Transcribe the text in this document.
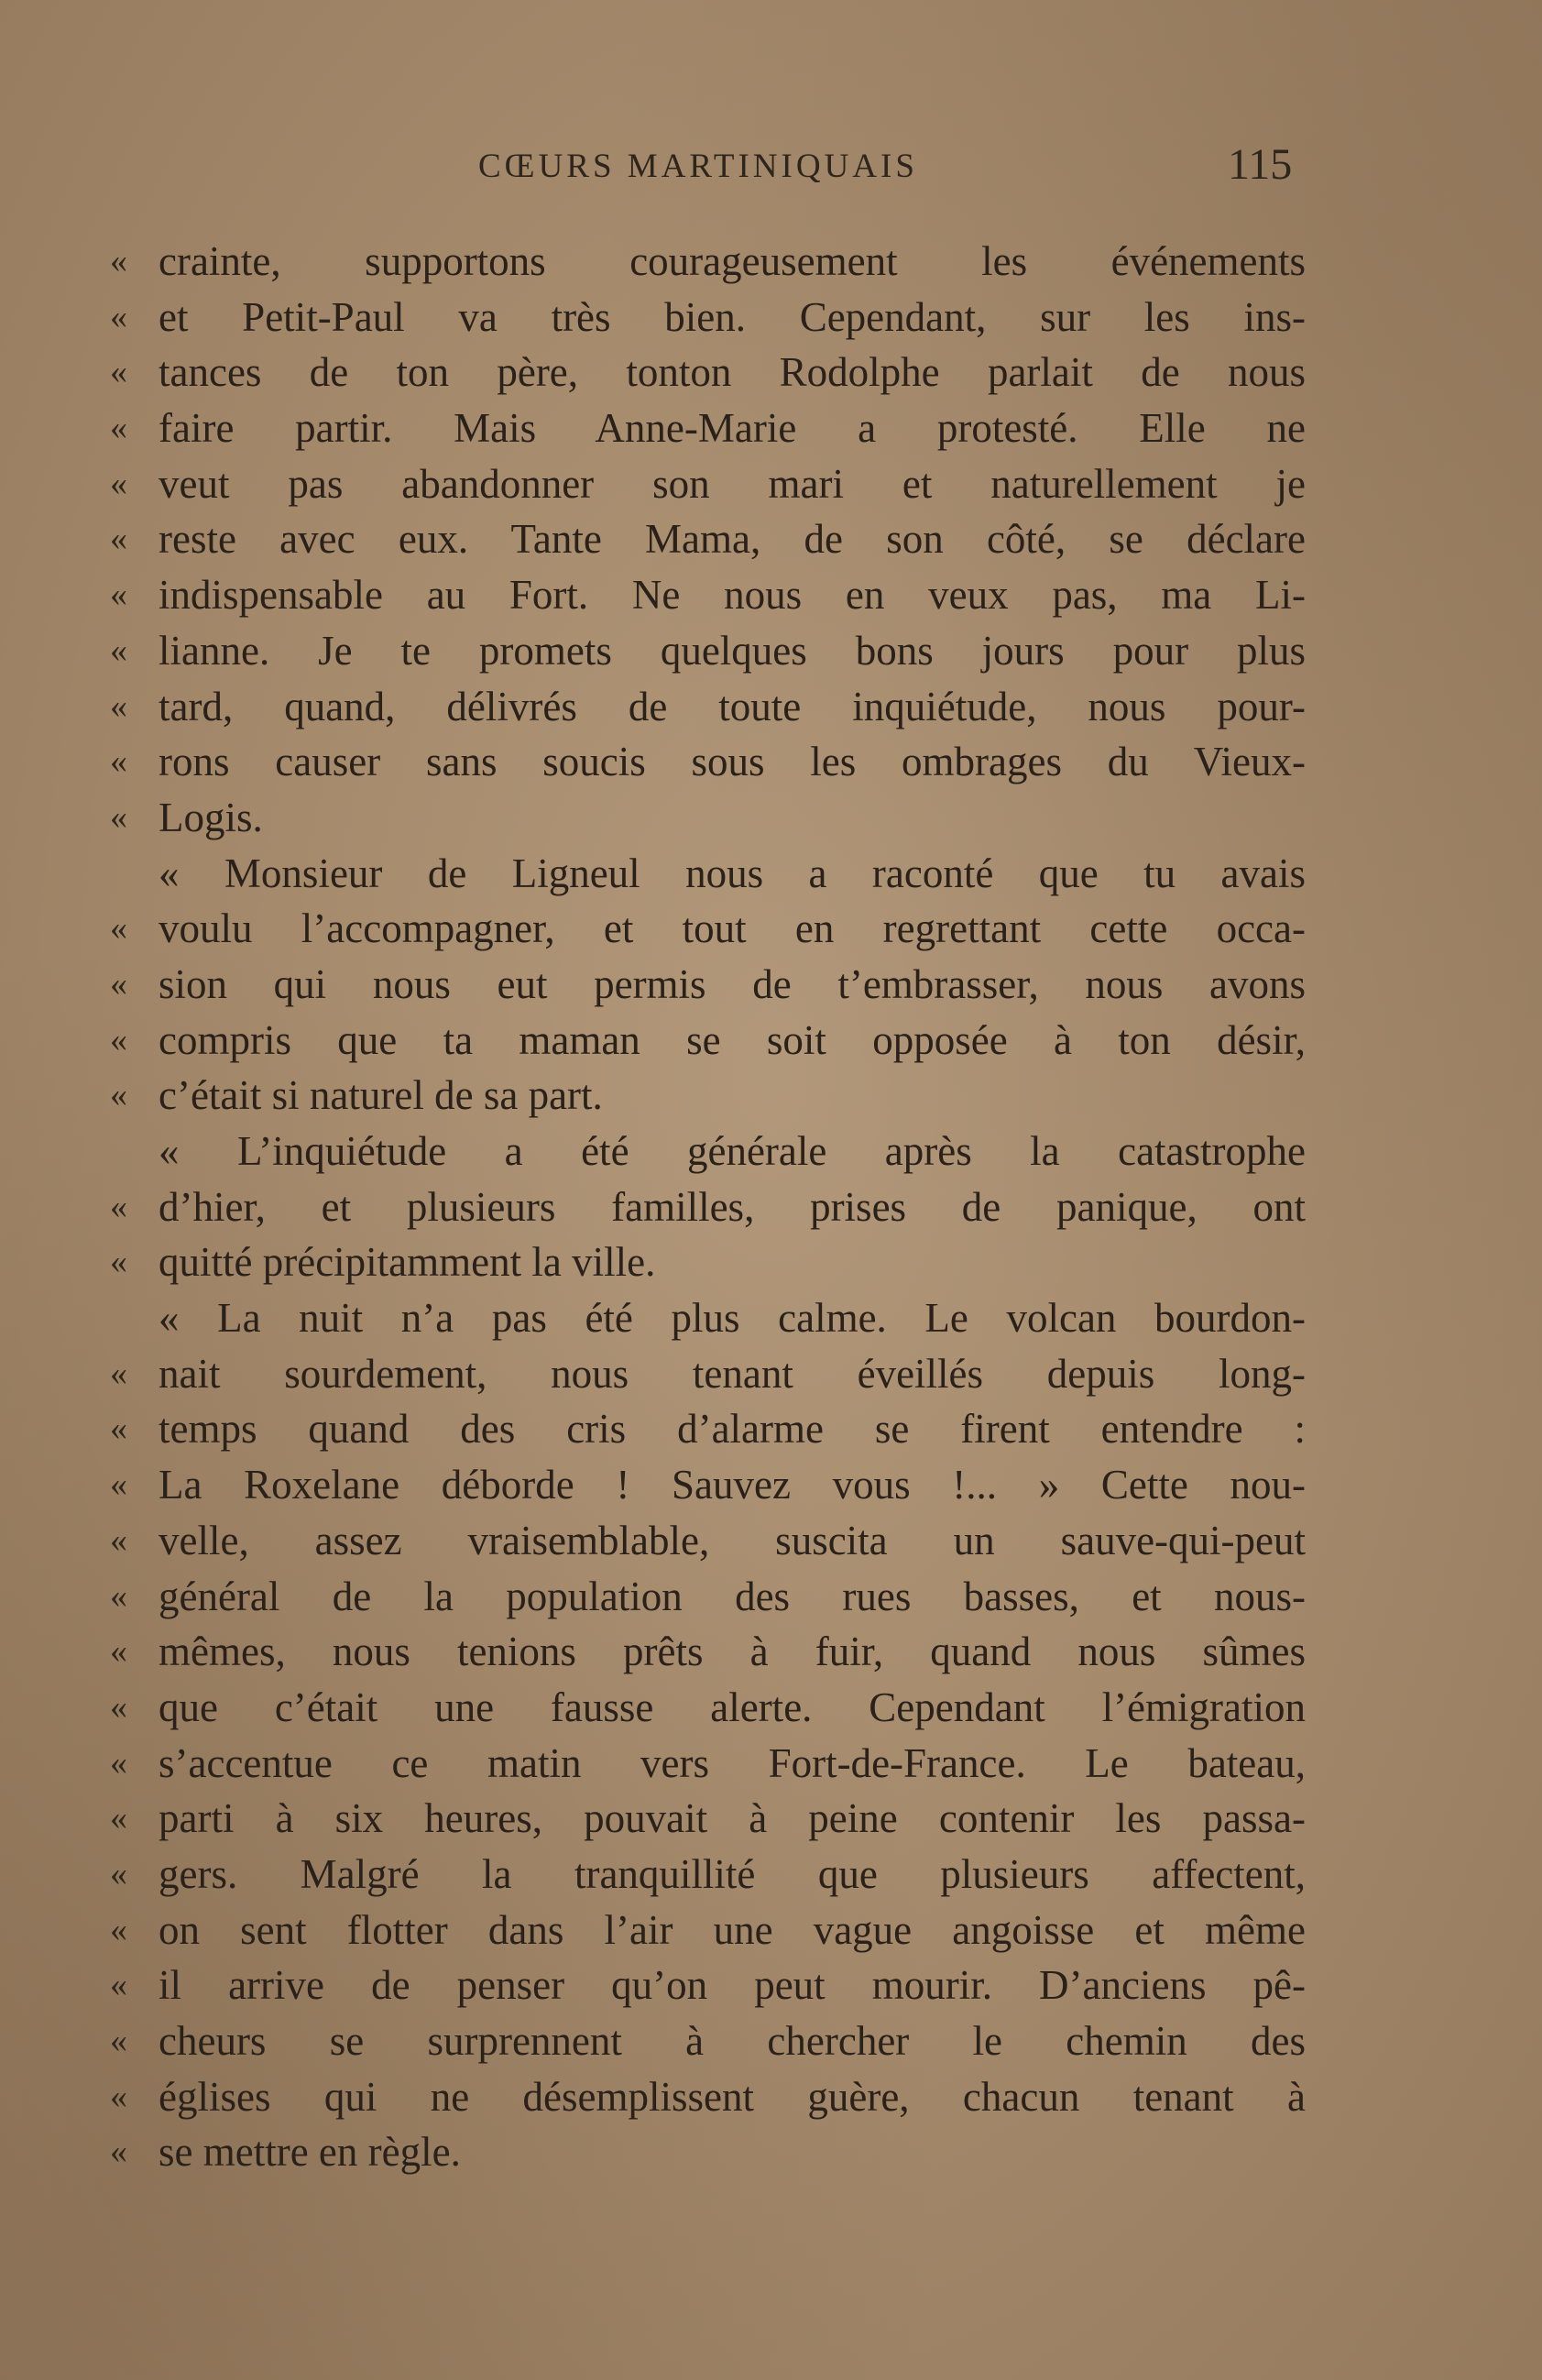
CŒURS MARTINIQUAIS	115
« crainte, supportons courageusement les événements
« et Petit-Paul va très bien. Cependant, sur les ins-
« tances de ton père, tonton Rodolphe parlait de nous
« faire partir. Mais Anne-Marie a protesté. Elle ne
« veut pas abandonner son mari et naturellement je
« reste avec eux. Tante Mama, de son côté, se déclare
« indispensable au Fort. Ne nous en veux pas, ma Li-
« lianne. Je te promets quelques bons jours pour plus
« tard, quand, délivrés de toute inquiétude, nous pour-
« rons causer sans soucis sous les ombrages du Vieux-
« Logis.
« Monsieur de Ligneul nous a raconté que tu avais
« voulu l’accompagner, et tout en regrettant cette occa-
« sion qui nous eut permis de t’embrasser, nous avons
« compris que ta maman se soit opposée à ton désir,
« c’était si naturel de sa part.
« L’inquiétude a été générale après la catastrophe
« d’hier, et plusieurs familles, prises de panique, ont
« quitté précipitamment la ville.
« La nuit n’a pas été plus calme. Le volcan bourdon-
« nait sourdement, nous tenant éveillés depuis long-
« temps quand des cris d’alarme se firent entendre :
« La Roxelane déborde ! Sauvez vous !... » Cette nou-
« velle, assez vraisemblable, suscita un sauve-qui-peut
« général de la population des rues basses, et nous-
« mêmes, nous tenions prêts à fuir, quand nous sûmes
« que c’était une fausse alerte. Cependant l’émigration
« s’accentue ce matin vers Fort-de-France. Le bateau,
« parti à six heures, pouvait à peine contenir les passa-
« gers. Malgré la tranquillité que plusieurs affectent,
« on sent flotter dans l’air une vague angoisse et même
« il arrive de penser qu’on peut mourir. D’anciens pê-
« cheurs se surprennent à chercher le chemin des
« églises qui ne désemplissent guère, chacun tenant à
« se mettre en règle.
